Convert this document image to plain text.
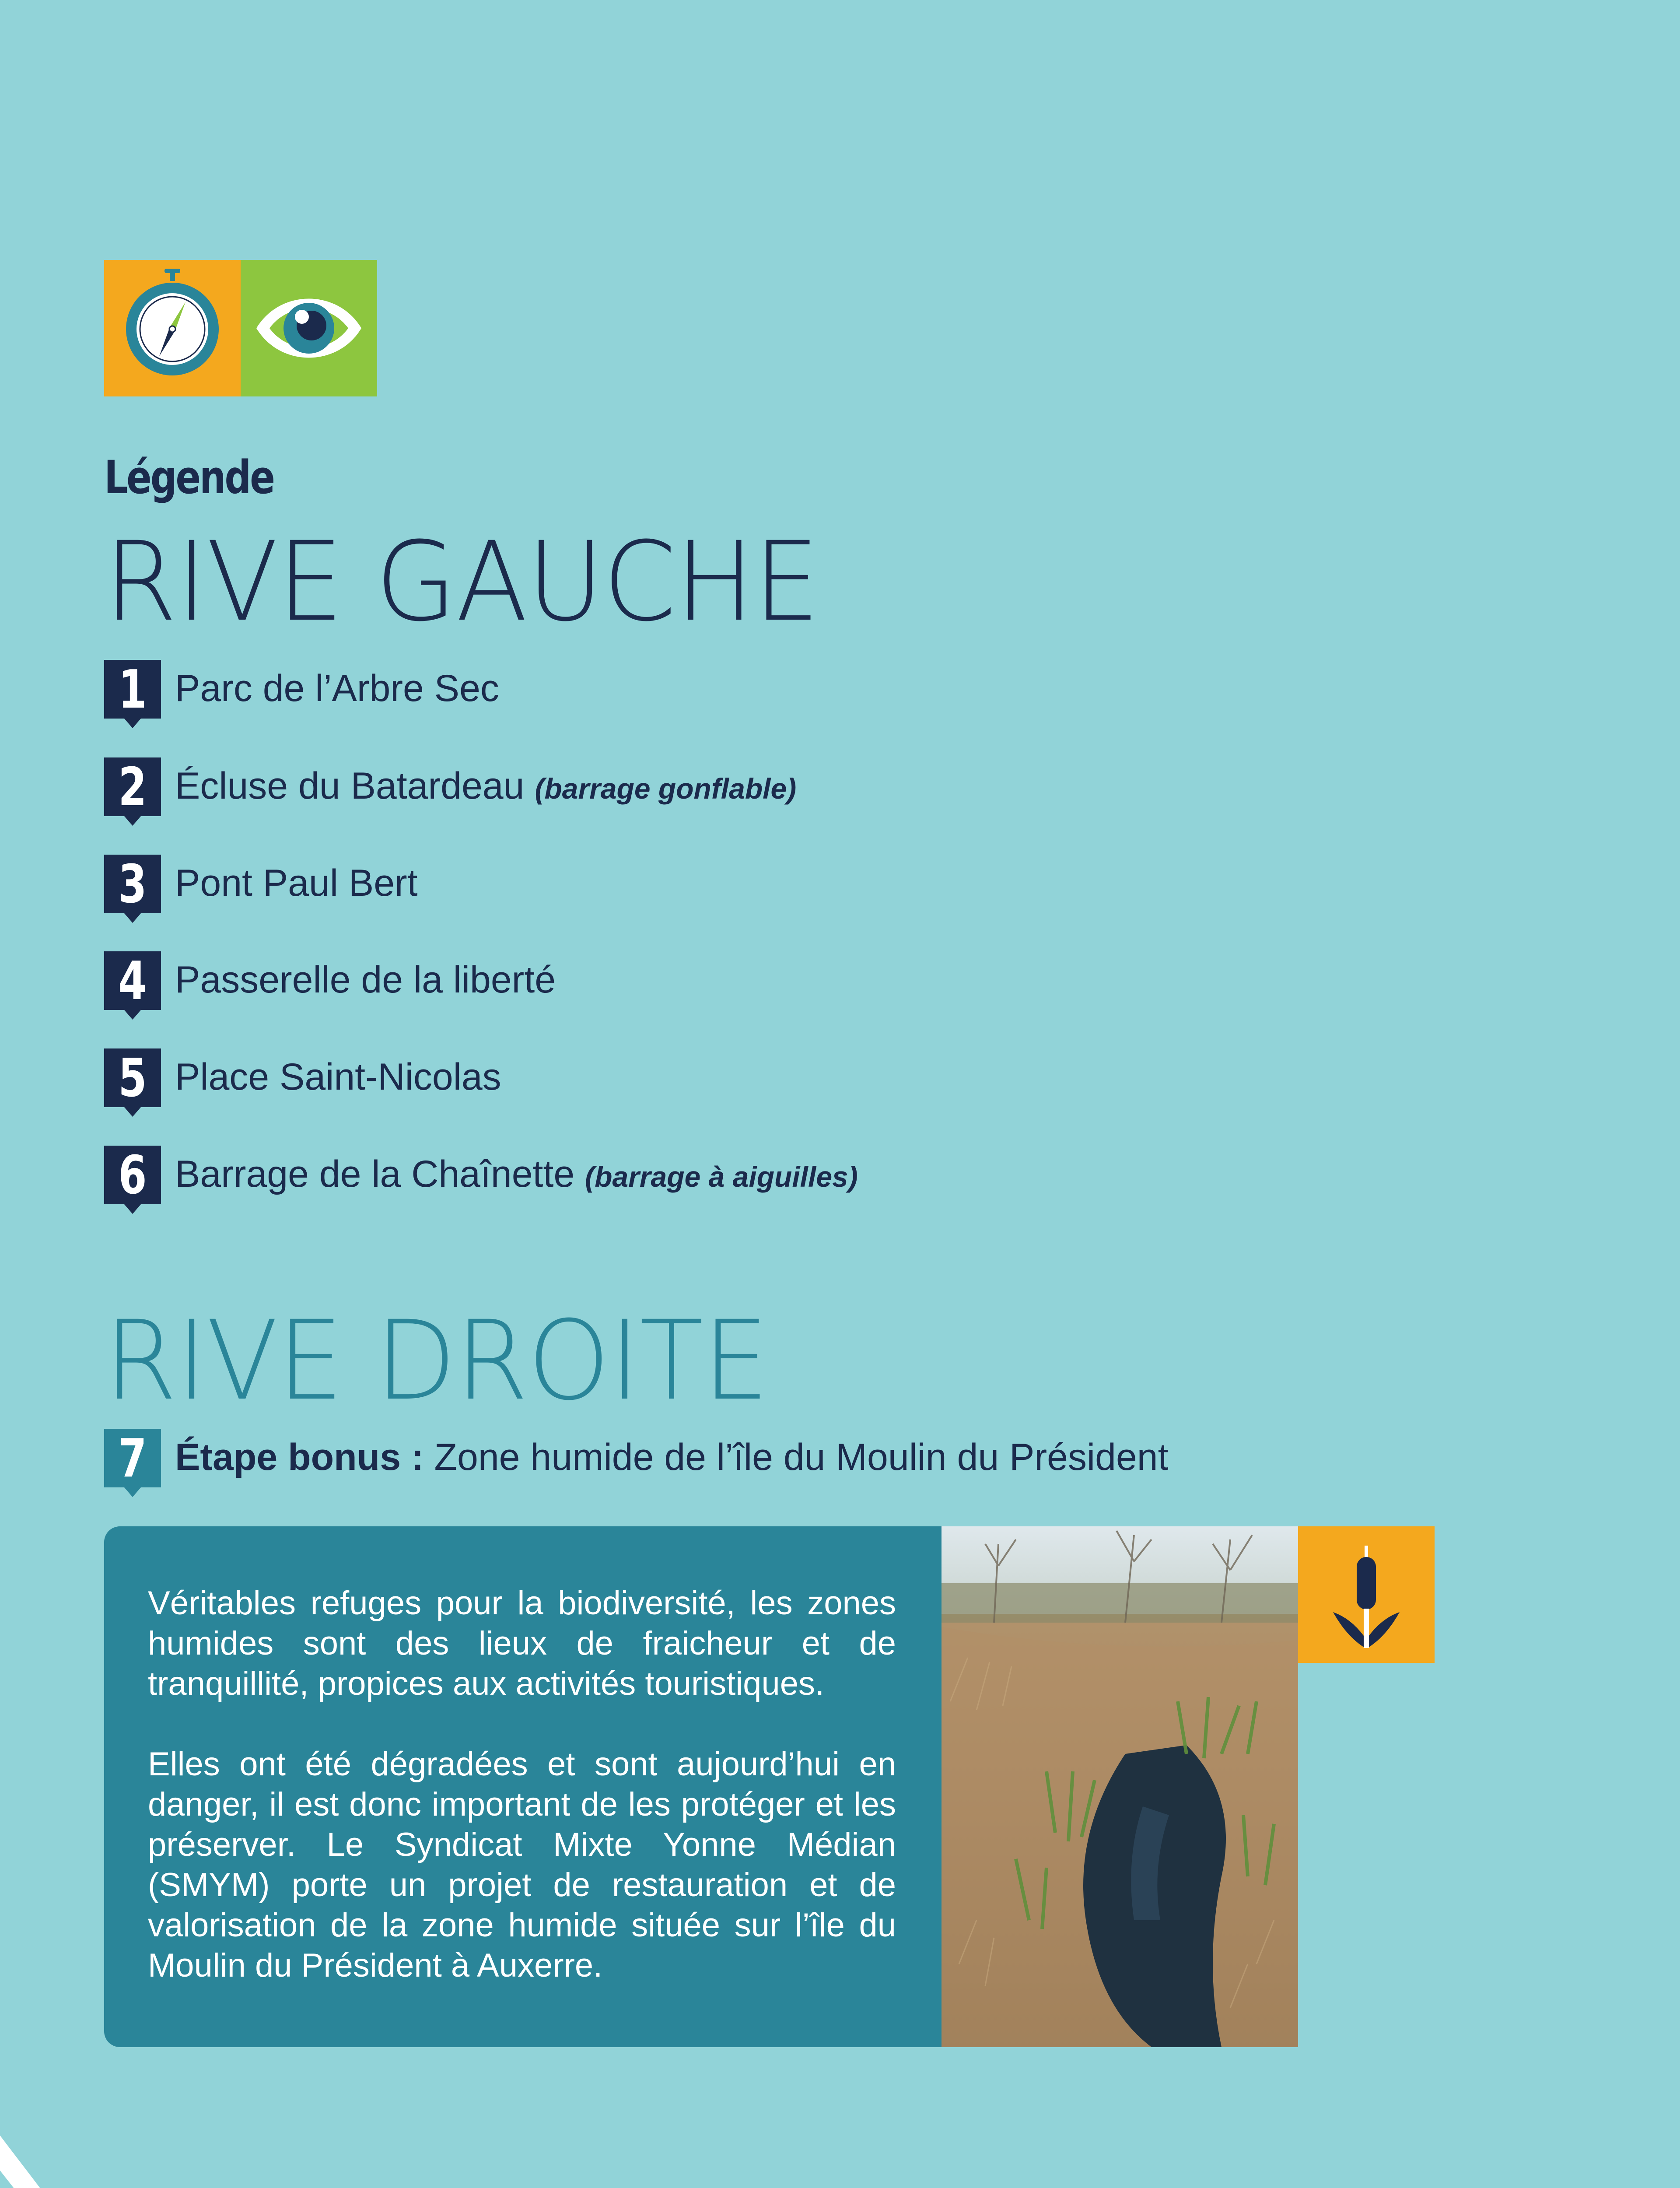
Légende
RIVE GAUCHE
1 Parc de l’Arbre Sec
2 Écluse du Batardeau (barrage gonflable)
3 Pont Paul Bert
4 Passerelle de la liberté
5 Place Saint-Nicolas
6 Barrage de la Chaînette (barrage à aiguilles)
RIVE DROITE
7 Étape bonus : Zone humide de l’île du Moulin du Président

Véritables refuges pour la biodiversité, les zones humides sont des lieux de fraicheur et de tranquillité, propices aux activités touristiques.

Elles ont été dégradées et sont aujourd’hui en danger, il est donc important de les protéger et les préserver. Le Syndicat Mixte Yonne Médian (SMYM) porte un projet de restauration et de valorisation de la zone humide située sur l’île du Moulin du Président à Auxerre.
